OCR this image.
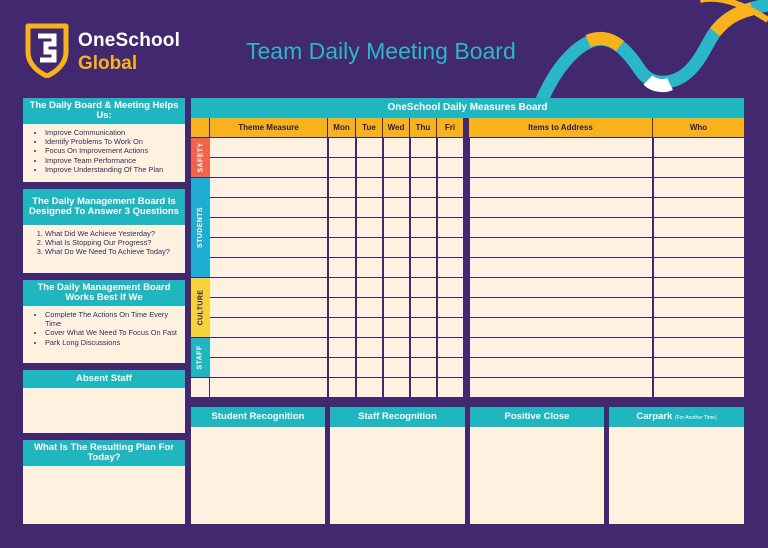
OneSchool
Global	Team Daily Meeting Board
The Daily Board & Meeting Helps Us:
• Improve Communication
• Identify Problems To Work On
• Focus On Improvement Actions
• Improve Team Performance
• Improve Understanding Of The Plan
The Daily Management Board Is Designed To Answer 3 Questions
1. What Did We Achieve Yesterday?
2. What Is Stopping Our Progress?
3. What Do We Need To Achieve Today?
The Daily Management Board Works Best If We
• Complete The Actions On Time Every Time
• Cover What We Need To Focus On Fast
• Park Long Discussions
Absent Staff
What Is The Resulting Plan For Today?
OneSchool Daily Measures Board
Theme Measure	Mon	Tue	Wed	Thu	Fri	Items to Address	Who
SAFETY
STUDENTS
CULTURE
STAFF
Student Recognition	Staff Recognition	Positive Close	Carpark (For Another Time)
